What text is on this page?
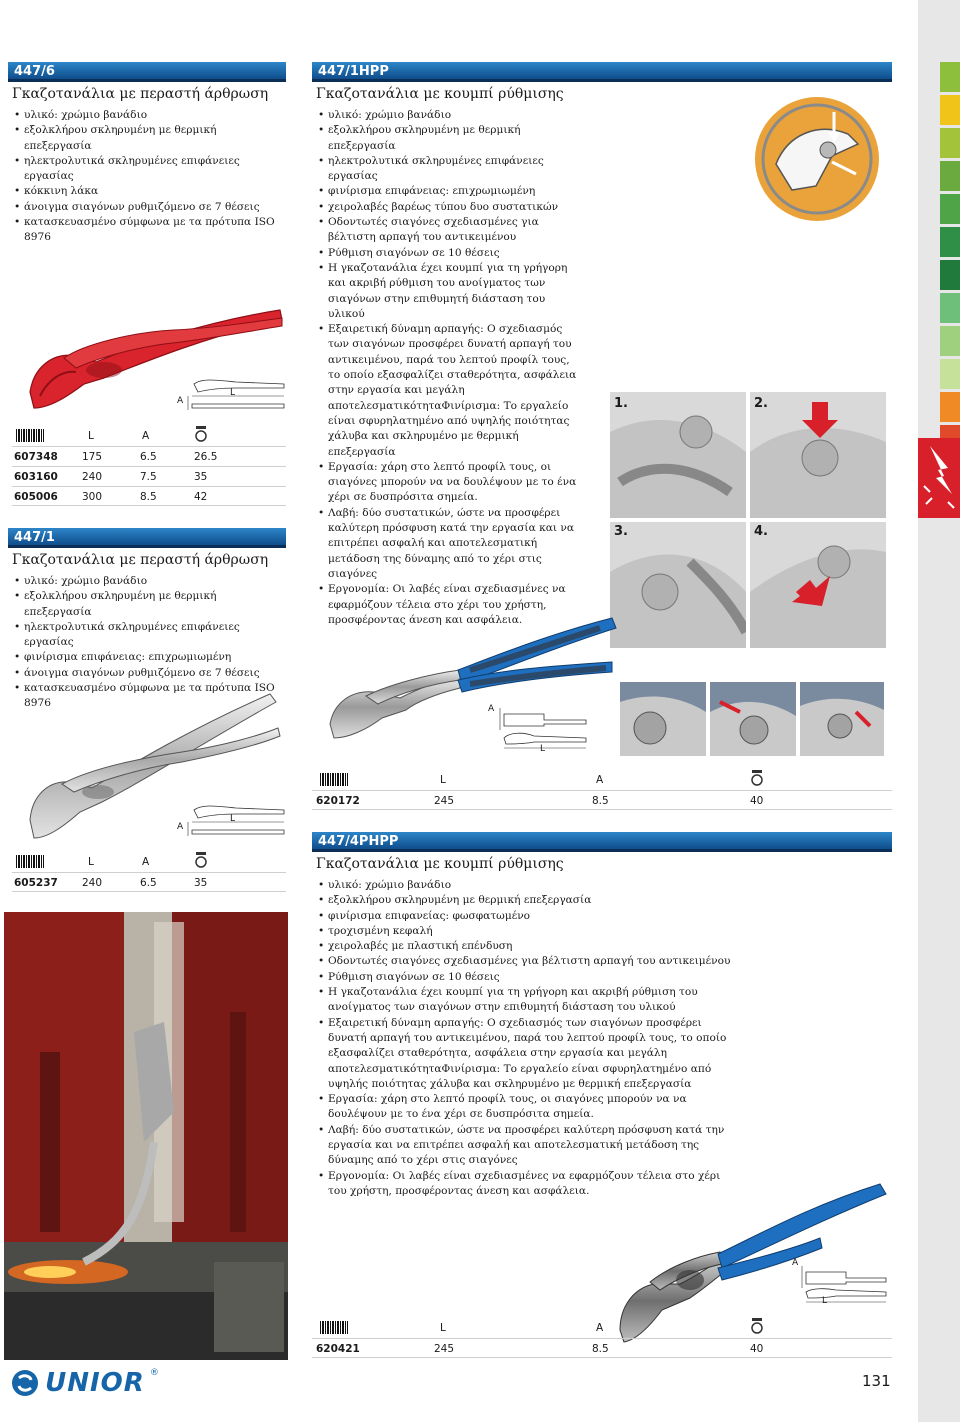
447/6
Γκαζοτανάλια με περαστή άρθρωση
• υλικό: χρώμιο βανάδιο
• εξολκλήρου σκληρυμένη με θερμική επεξεργασία
• ηλεκτρολυτικά σκληρυμένες επιφάνειες εργασίας
• κόκκινη λάκα
• άνοιγμα σιαγόνων ρυθμιζόμενο σε 7 θέσεις
• κατασκευασμένο σύμφωνα με τα πρότυπα ISO 8976
A
L
L	A
607348 175	6.5	26.5
603160 240	7.5	35
605006 300	8.5	42
447/1
Γκαζοτανάλια με περαστή άρθρωση
• υλικό: χρώμιο βανάδιο
• εξολκλήρου σκληρυμένη με θερμική επεξεργασία
• ηλεκτρολυτικά σκληρυμένες επιφάνειες εργασίας
• φινίρισμα επιφάνειας: επιχρωμιωμένη
• άνοιγμα σιαγόνων ρυθμιζόμενο σε 7 θέσεις
• κατασκευασμένο σύμφωνα με τα πρότυπα ISO 8976
A
L
L	A
605237 240	6.5	35
447/1HPP
Γκαζοτανάλια με κουμπί ρύθμισης
• υλικό: χρώμιο βανάδιο
• εξολκλήρου σκληρυμένη με θερμική επεξεργασία
• ηλεκτρολυτικά σκληρυμένες επιφάνειες εργασίας
• φινίρισμα επιφάνειας: επιχρωμιωμένη
• χειρολαβές βαρέως τύπου δυο συστατικών
• Οδοντωτές σιαγόνες σχεδιασμένες για βέλτιστη αρπαγή του αντικειμένου
• Ρύθμιση σιαγόνων σε 10 θέσεις
• Η γκαζοτανάλια έχει κουμπί για τη γρήγορη και ακριβή ρύθμιση του ανοίγματος των σιαγόνων στην επιθυμητή διάσταση του υλικού
• Εξαιρετική δύναμη αρπαγής: Ο σχεδιασμός των σιαγόνων προσφέρει δυνατή αρπαγή του αντικειμένου, παρά του λεπτού προφίλ τους, το οποίο εξασφαλίζει σταθερότητα, ασφάλεια στην εργασία και μεγάλη αποτελεσματικότηταΦινίρισμα: Το εργαλείο είναι σφυρηλατημένο από υψηλής ποιότητας χάλυβα και σκληρυμένο με θερμική επεξεργασία
• Εργασία: χάρη στο λεπτό προφίλ τους, οι σιαγόνες μπορούν να να δουλέψουν με το ένα χέρι σε δυσπρόσιτα σημεία.
• Λαβή: δύο συστατικών, ώστε να προσφέρει καλύτερη πρόσφυση κατά την εργασία και να επιτρέπει ασφαλή και αποτελεσματική μετάδοση της δύναμης από το χέρι στις σιαγόνες
• Εργονομία: Οι λαβές είναι σχεδιασμένες να εφαρμόζουν τέλεια στο χέρι του χρήστη, προσφέροντας άνεση και ασφάλεια.
1.	2.
3.	4.
A
L
L	A
620172	245	8.5	40
447/4PHPP
Γκαζοτανάλια με κουμπί ρύθμισης
• υλικό: χρώμιο βανάδιο
• εξολκλήρου σκληρυμένη με θερμική επεξεργασία
• φινίρισμα επιφανείας: φωσφατωμένο
• τροχισμένη κεφαλή
• χειρολαβές με πλαστική επένδυση
• Οδοντωτές σιαγόνες σχεδιασμένες για βέλτιστη αρπαγή του αντικειμένου
• Ρύθμιση σιαγόνων σε 10 θέσεις
• Η γκαζοτανάλια έχει κουμπί για τη γρήγορη και ακριβή ρύθμιση του ανοίγματος των σιαγόνων στην επιθυμητή διάσταση του υλικού
• Εξαιρετική δύναμη αρπαγής: Ο σχεδιασμός των σιαγόνων προσφέρει δυνατή αρπαγή του αντικειμένου, παρά του λεπτού προφίλ τους, το οποίο εξασφαλίζει σταθερότητα, ασφάλεια στην εργασία και μεγάλη αποτελεσματικότηταΦινίρισμα: Το εργαλείο είναι σφυρηλατημένο από υψηλής ποιότητας χάλυβα και σκληρυμένο με θερμική επεξεργασία
• Εργασία: χάρη στο λεπτό προφίλ τους, οι σιαγόνες μπορούν να να δουλέψουν με το ένα χέρι σε δυσπρόσιτα σημεία.
• Λαβή: δύο συστατικών, ώστε να προσφέρει καλύτερη πρόσφυση κατά την εργασία και να επιτρέπει ασφαλή και αποτελεσματική μετάδοση της δύναμης από το χέρι στις σιαγόνες
• Εργονομία: Οι λαβές είναι σχεδιασμένες να εφαρμόζουν τέλεια στο χέρι του χρήστη, προσφέροντας άνεση και ασφάλεια.
A
L
L	A
620421	245	8.5	40
UNIOR ®	131
